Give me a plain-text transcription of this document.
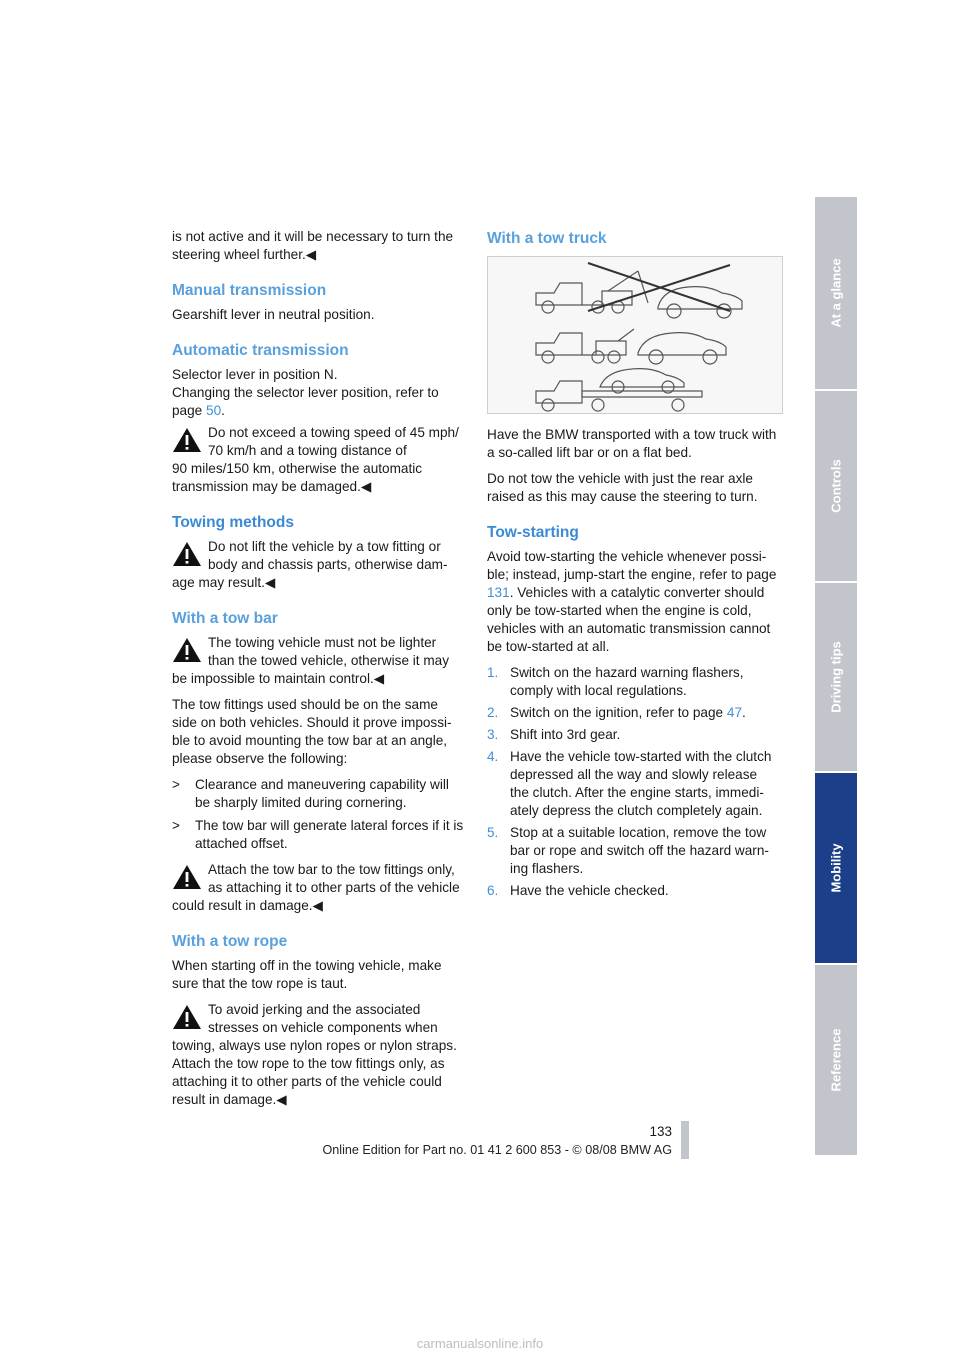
is not active and it will be necessary to turn the steering wheel further.◀

Manual transmission

Gearshift lever in neutral position.

Automatic transmission

Selector lever in position N.
Changing the selector lever position, refer to page 50.

Do not exceed a towing speed of 45 mph/ 70 km/h and a towing distance of
90 miles/150 km, otherwise the automatic transmission may be damaged.◀
Towing methods
Do not lift the vehicle by a tow fitting or body and chassis parts, otherwise dam-
age may result.◀
With a tow bar
The towing vehicle must not be lighter than the towed vehicle, otherwise it may
be impossible to maintain control.◀

The tow fittings used should be on the same side on both vehicles. Should it prove impossi- ble to avoid mounting the tow bar at an angle, please observe the following:

> Clearance and maneuvering capability will be sharply limited during cornering.
> The tow bar will generate lateral forces if it is attached offset.
Attach the tow bar to the tow fittings only, as attaching it to other parts of the vehicle
could result in damage.◀
With a tow rope

When starting off in the towing vehicle, make sure that the tow rope is taut.

To avoid jerking and the associated stresses on vehicle components when
towing, always use nylon ropes or nylon straps. Attach the tow rope to the tow fittings only, as attaching it to other parts of the vehicle could result in damage.◀
With a tow truck

Have the BMW transported with a tow truck with a so-called lift bar or on a flat bed.

Do not tow the vehicle with just the rear axle raised as this may cause the steering to turn.

Tow-starting

Avoid tow-starting the vehicle whenever possi- ble; instead, jump-start the engine, refer to page 131. Vehicles with a catalytic converter should only be tow-started when the engine is cold, vehicles with an automatic transmission cannot be tow-started at all.

1. Switch on the hazard warning flashers, comply with local regulations.
2. Switch on the ignition, refer to page 47.
3. Shift into 3rd gear.
4. Have the vehicle tow-started with the clutch depressed all the way and slowly release the clutch. After the engine starts, immedi- ately depress the clutch completely again.
5. Stop at a suitable location, remove the tow bar or rope and switch off the hazard warn- ing flashers.
6. Have the vehicle checked.
At a glance
Controls
Driving tips
Mobility
Reference
133
Online Edition for Part no. 01 41 2 600 853 - © 08/08 BMW AG
carmanualsonline.info
